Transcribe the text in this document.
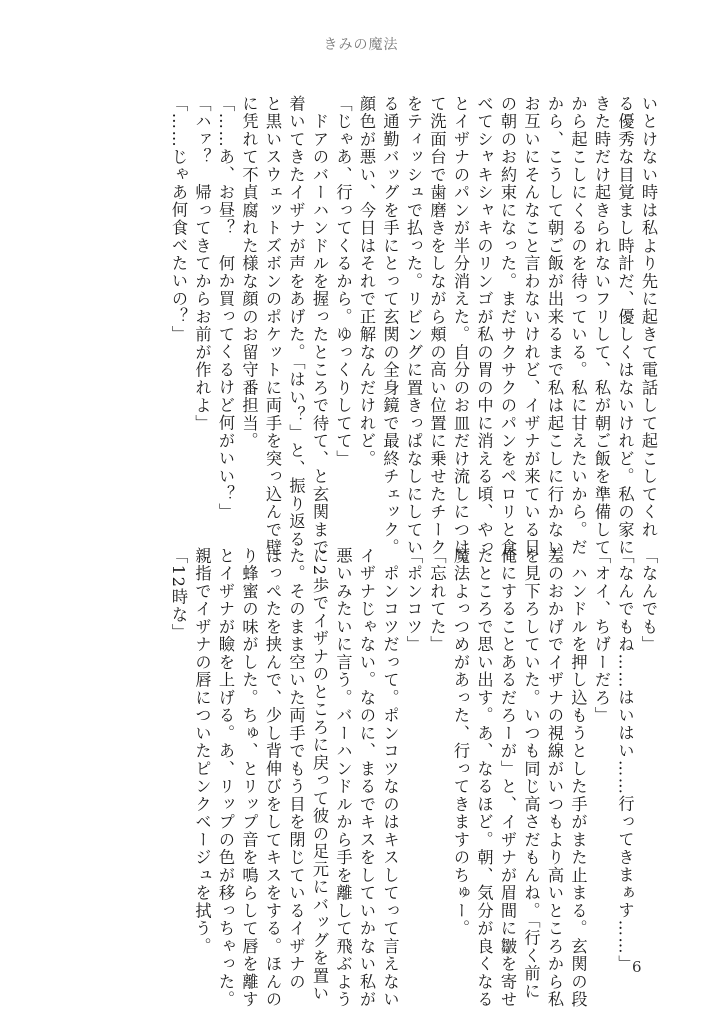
きみの魔法
いとけない時は私より先に起きて電話して起こしてくれ
る優秀な目覚まし時計だ、優しくはないけれど。私の家に
きた時だけ起きられないフリして、私が朝ご飯を準備して
から起こしにくるのを待っている。私に甘えたいから。だ
から、こうして朝ご飯が出来るまで私は起こしに行かない。
お互いにそんなこと言わないけれど、イザナが来ている日
の朝のお約束になった。まだサクサクのパンをペロリと食
べてシャキシャキのリンゴが私の胃の中に消える頃、やっ
とイザナのパンが半分消えた。自分のお皿だけ流しにつけ
て洗面台で歯磨きをしながら頬の高い位置に乗せたチーク
をティッシュで払った。リビングに置きっぱなしにしてい
る通勤バッグを手にとって玄関の全身鏡で最終チェック。
顔色が悪い、今日はそれで正解なんだけれど。
「じゃあ、行ってくるから。ゆっくりしてて」
　ドアのバーハンドルを握ったところで待て、と玄関まで
着いてきたイザナが声をあげた。「はい？」と、振り返る
と黒いスウェットズボンのポケットに両手を突っ込んで壁
に凭れて不貞腐れた様な顔のお留守番担当。
「……あ、お昼？　何か買ってくるけど何がいい？」
「ハァ？　帰ってきてからお前が作れよ」
「……じゃあ何食べたいの？」
「なんでも」
「なんでもね……はいはい……行ってきまぁす……」
「オイ、ちげーだろ」
　ハンドルを押し込もうとした手がまた止まる。玄関の段
差のおかげでイザナの視線がいつもより高いところから私
を見下ろしていた。いつも同じ高さだもんね。「行く前に
俺にすることあるだろーが」と、イザナが眉間に皺を寄せ
たところで思い出す。あ、なるほど。朝、気分が良くなる
魔法よっつめがあった、行ってきますのちゅー。
「忘れてた」
「ポンコツ」
　ポンコツだって。ポンコツなのはキスしてって言えない
イザナじゃない。なのに、まるでキスをしていかない私が
悪いみたいに言う。バーハンドルから手を離して飛ぶよう
に2歩でイザナのところに戻って彼の足元にバッグを置い
た。そのまま空いた両手でもう目を閉じているイザナの
ほっぺたを挟んで、少し背伸びをしてキスをする。ほんの
り蜂蜜の味がした。ちゅ、とリップ音を鳴らして唇を離す
とイザナが瞼を上げる。あ、リップの色が移っちゃった。
親指でイザナの唇についたピンクベージュを拭う。
「12時な」
6
